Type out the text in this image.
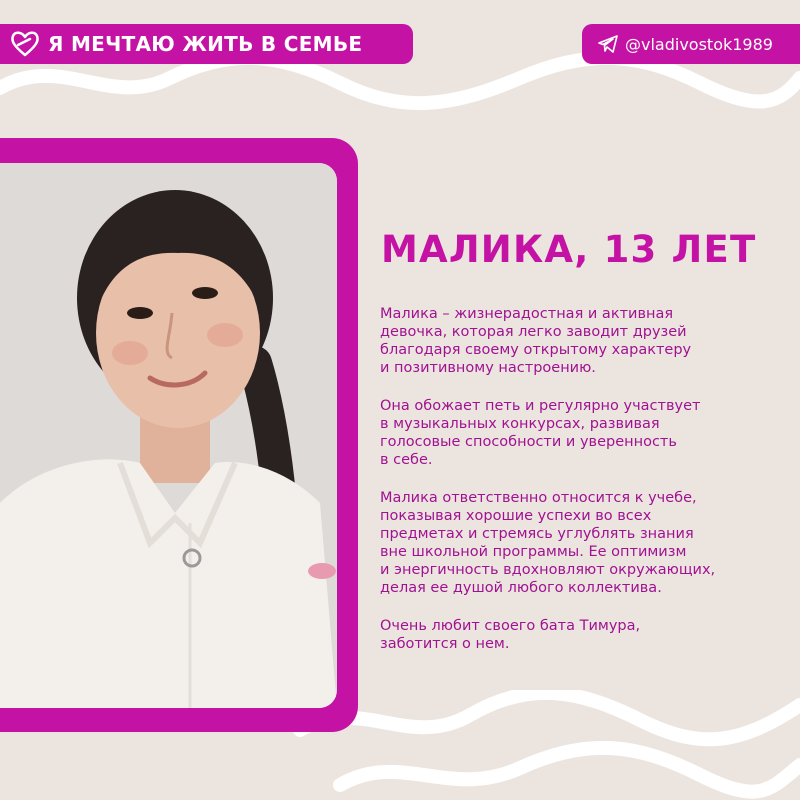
Я МЕЧТАЮ ЖИТЬ В СЕМЬЕ	@vladivostok1989
МАЛИКА, 13 ЛЕТ

Малика – жизнерадостная и активная
девочка, которая легко заводит друзей
благодаря своему открытому характеру
и позитивному настроению.

Она обожает петь и регулярно участвует
в музыкальных конкурсах, развивая
голосовые способности и уверенность
в себе.

Малика ответственно относится к учебе,
показывая хорошие успехи во всех
предметах и стремясь углублять знания
вне школьной программы. Ее оптимизм
и энергичность вдохновляют окружающих,
делая ее душой любого коллектива.

Очень любит своего бата Тимура,
заботится о нем.
